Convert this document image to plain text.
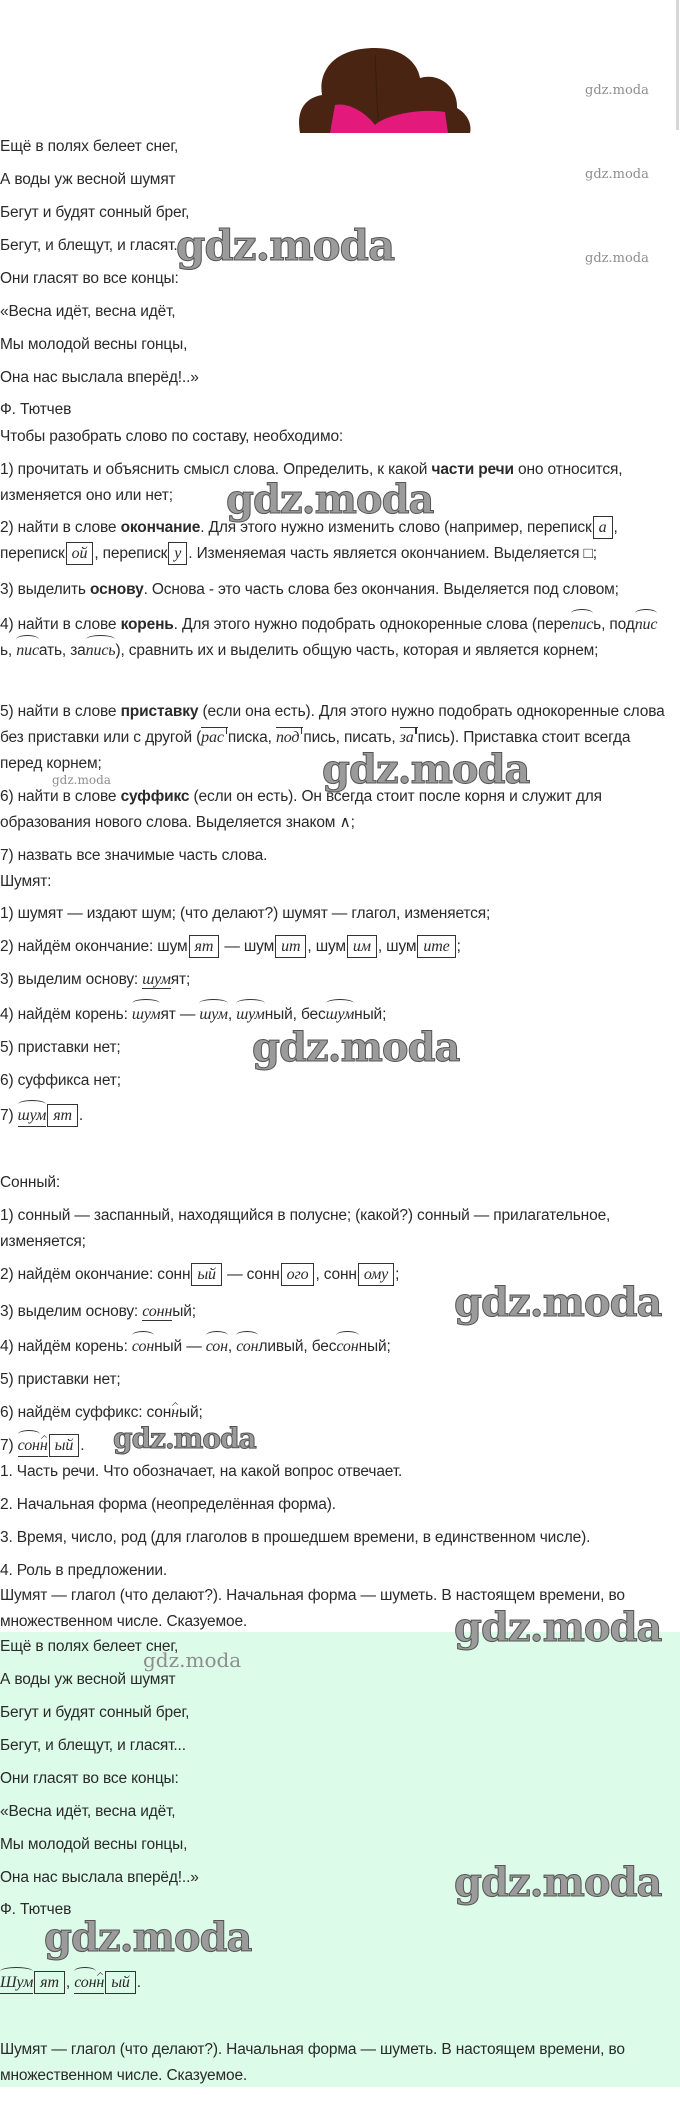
Ещё в полях белеет снег,
А воды уж весной шумят
Бегут и будят сонный брег,
Бегут, и блещут, и гласят...
Они гласят во все концы:
«Весна идёт, весна идёт,
Мы молодой весны гонцы,
Она нас выслала вперёд!..»
Ф. Тютчев
Чтобы разобрать слово по составу, необходимо:
1) прочитать и объяснить смысл слова. Определить, к какой части речи оно относится, изменяется оно или нет;
2) найти в слове окончание. Для этого нужно изменить слово (например, переписк а , переписк ой , переписк у . Изменяемая часть является окончанием. Выделяется □;
3) выделить основу. Основа - это часть слова без окончания. Выделяется под словом;
4) найти в слове корень. Для этого нужно подобрать однокоренные слова (перепись, подпись, писать, запись), сравнить их и выделить общую часть, которая и является корнем;
5) найти в слове приставку (если она есть). Для этого нужно подобрать однокоренные слова без приставки или с другой (рас писка, под пись, писать, за пись). Приставка стоит всегда перед корнем;
6) найти в слове суффикс (если он есть). Он всегда стоит после корня и служит для образования нового слова. Выделяется знаком ∧;
7) назвать все значимые часть слова.
Шумят:
1) шумят — издают шум; (что делают?) шумят — глагол, изменяется;
2) найдём окончание: шум ят — шум ит , шум им , шум ите ;
3) выделим основу: шумят;
4) найдём корень: шумят — шум, шумный, бесшумный;
5) приставки нет;
6) суффикса нет;
7) шум ят .
Сонный:
1) сонный — заспанный, находящийся в полусне; (какой?) сонный — прилагательное, изменяется;
2) найдём окончание: сонн ый — сонн ого , сонн ому ;
3) выделим основу: сонный;
4) найдём корень: сонный — сон, сонливый, бессонный;
5) приставки нет;
6) найдём суффикс: сонный;
7) сонн ый .
1. Часть речи. Что обозначает, на какой вопрос отвечает.
2. Начальная форма (неопределённая форма).
3. Время, число, род (для глаголов в прошедшем времени, в единственном числе).
4. Роль в предложении.
Шумят — глагол (что делают?). Начальная форма — шуметь. В настоящем времени, во множественном числе. Сказуемое.
Ещё в полях белеет снег,
А воды уж весной шумят
Бегут и будят сонный брег,
Бегут, и блещут, и гласят...
Они гласят во все концы:
«Весна идёт, весна идёт,
Мы молодой весны гонцы,
Она нас выслала вперёд!..»
Ф. Тютчев
Шум ят , сонн ый .
Шумят — глагол (что делают?). Начальная форма — шуметь. В настоящем времени, во множественном числе. Сказуемое.
gdz.moda
gdz.moda
gdz.moda
gdz.moda
gdz.moda
gdz.moda
gdz.moda
gdz.moda
gdz.moda
gdz.moda
gdz.moda
gdz.moda
gdz.moda
gdz.moda
